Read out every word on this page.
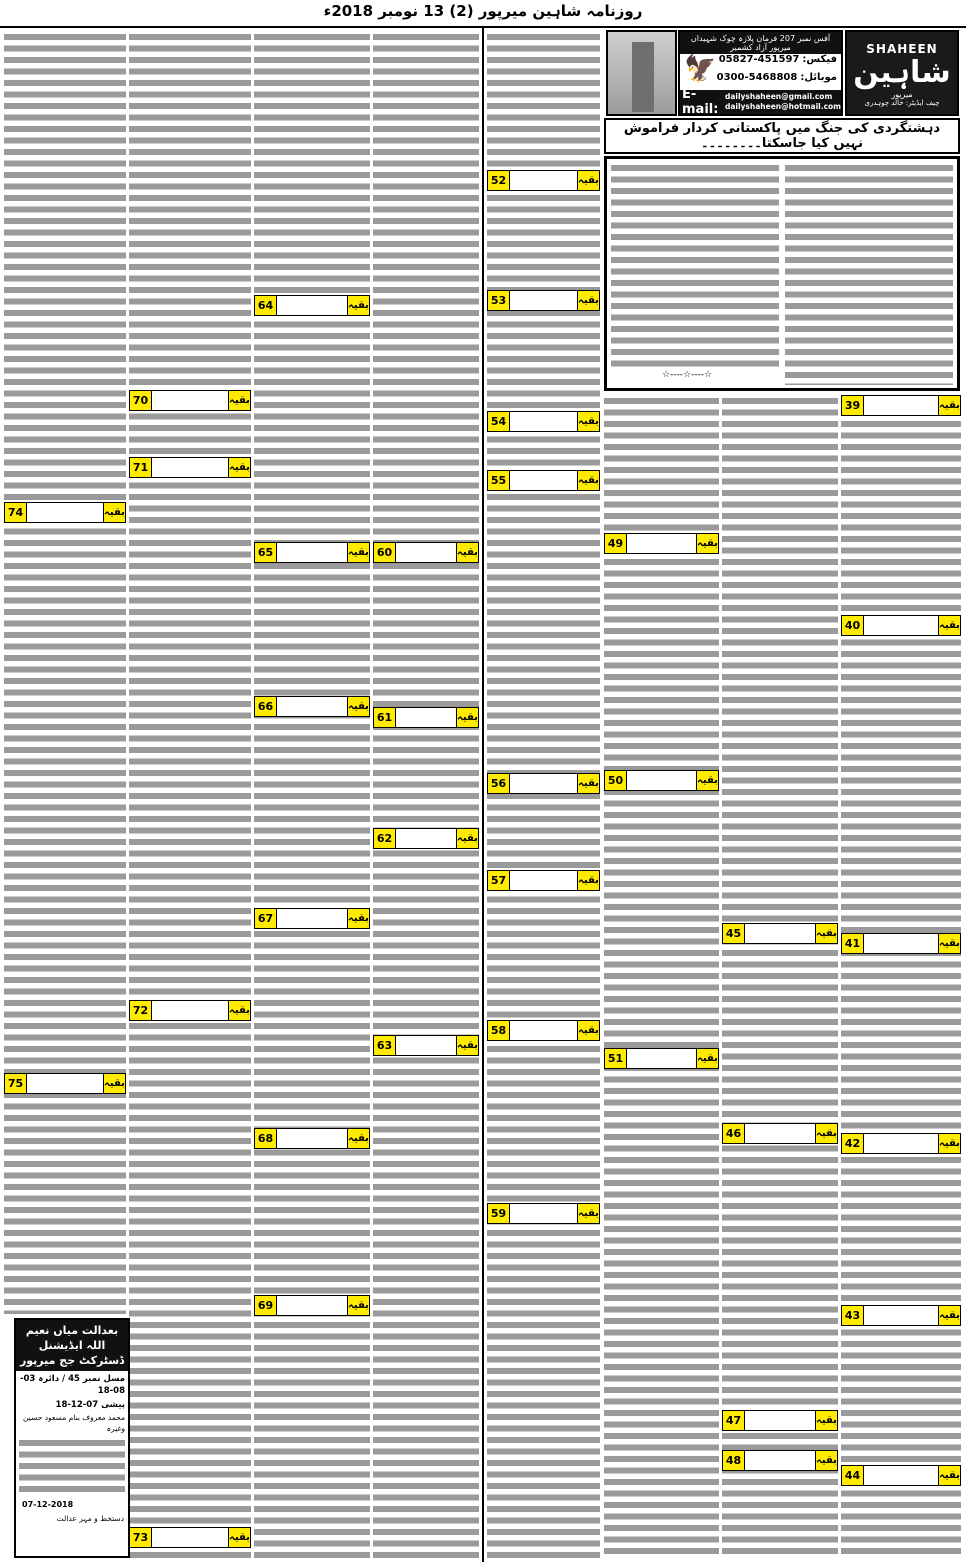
روزنامہ شاہین میرپور (2) 13 نومبر 2018ء
SHAHEEN
شاہین
میرپور
چیف ایڈیٹر: خالد چوہدری
آفس نمبر 207 فرمان پلازہ چوک شہیداں میرپور آزاد کشمیر
🦅	فیکس:
05827-451597
موبائل:
0300-5468808
E-mail:
dailyshaheen@gmail.com
dailyshaheen@hotmail.com
دہشتگردی کی جنگ میں پاکستانی کردار فراموش نہیں کیا جاسکتا۔۔۔۔۔۔۔۔
☆----☆----☆
39	بقیہ
40	بقیہ
41	بقیہ
42	بقیہ
43	بقیہ
44	بقیہ
45	بقیہ
46	بقیہ
47	بقیہ
48	بقیہ
49	بقیہ
50	بقیہ
51	بقیہ
52	بقیہ
53	بقیہ
54	بقیہ
55	بقیہ
56	بقیہ
57	بقیہ
58	بقیہ
59	بقیہ
60	بقیہ
61	بقیہ
62	بقیہ
63	بقیہ
64	بقیہ
65	بقیہ
66	بقیہ
67	بقیہ
68	بقیہ
69	بقیہ
70	بقیہ
71	بقیہ
72	بقیہ
73	بقیہ
74	بقیہ
75	بقیہ
بعدالت میاں نعیم اللہ ایڈیشنل ڈسٹرکٹ جج میرپور
مسل نمبر 45 / دائرہ 03-08-18
پیشی 07-12-18
محمد معروف بنام مسعود حسین وغیرہ
07-12-2018
دستخط و مہر عدالت
